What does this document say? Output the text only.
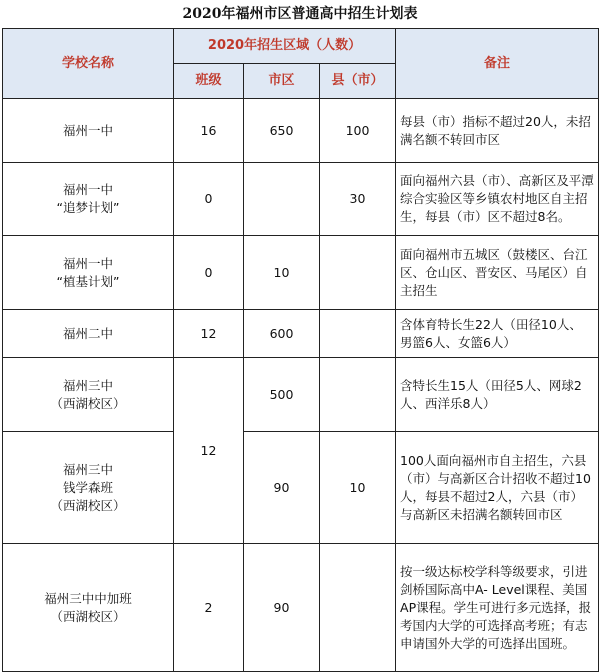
2020年福州市区普通高中招生计划表
学校名称	2020年招生区域（人数）			备注
	班级	市区	县（市）	

福州一中	16	650	100	每县（市）指标不超过20人，未招满名额不转回市区

福州一中
“追梦计划”	0		30	面向福州六县（市）、高新区及平潭综合实验区等乡镇农村地区自主招生，每县（市）区不超过8名。

福州一中
“植基计划”	0	10		面向福州市五城区（鼓楼区、台江区、仓山区、晋安区、马尾区）自主招生

福州二中	12	600		含体育特长生22人（田径10人、男篮6人、女篮6人）

福州三中
（西湖校区）	12	500		含特长生15人（田径5人、网球2人、西洋乐8人）

福州三中
钱学森班
（西湖校区）		90	10	100人面向福州市自主招生，六县（市）与高新区合计招收不超过10人，每县不超过2人，六县（市）与高新区未招满名额转回市区

福州三中中加班
（西湖校区）	2	90		按一级达标校学科等级要求，引进剑桥国际高中A- Level课程、美国AP课程。学生可进行多元选择，报考国内大学的可选择高考班；有志申请国外大学的可选择出国班。
